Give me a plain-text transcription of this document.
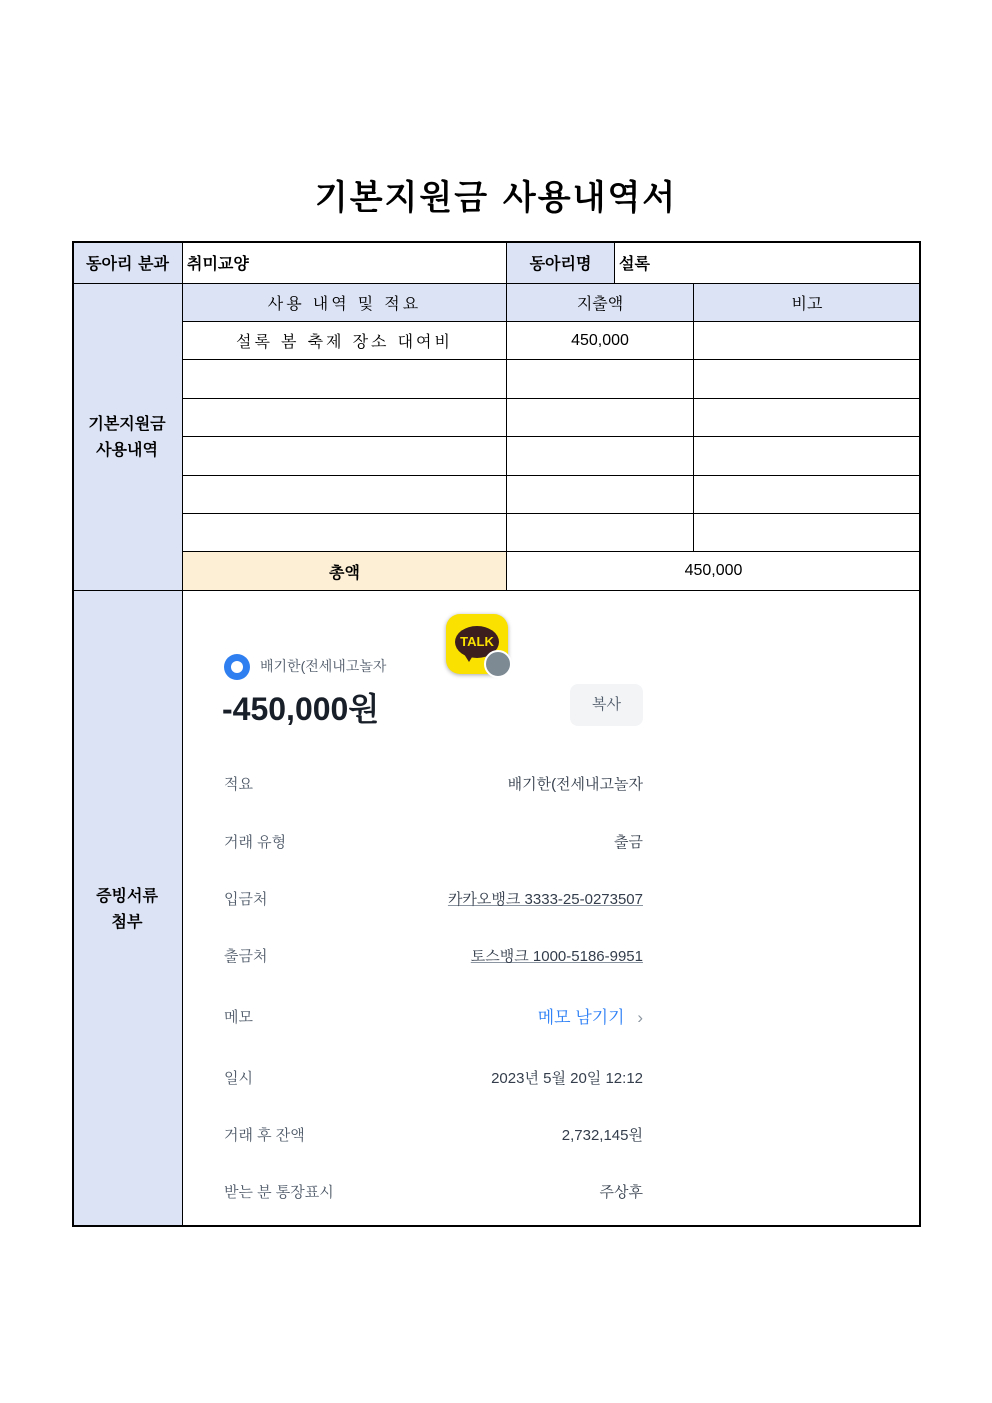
기본지원금 사용내역서
동아리 분과	취미교양	동아리명	설록
기본지원금
사용내역
사용 내역 및 적요	지출액	비고
설록 봄 축제 장소 대여비	450,000
총액	450,000
증빙서류
첨부
TALK
배기한(전세내고놀자
-450,000원	복사
적요	배기한(전세내고놀자
거래 유형	출금
입금처	카카오뱅크 3333-25-0273507
출금처	토스뱅크 1000-5186-9951
메모	메모 남기기 ›
일시	2023년 5월 20일 12:12
거래 후 잔액	2,732,145원
받는 분 통장표시	주상후
